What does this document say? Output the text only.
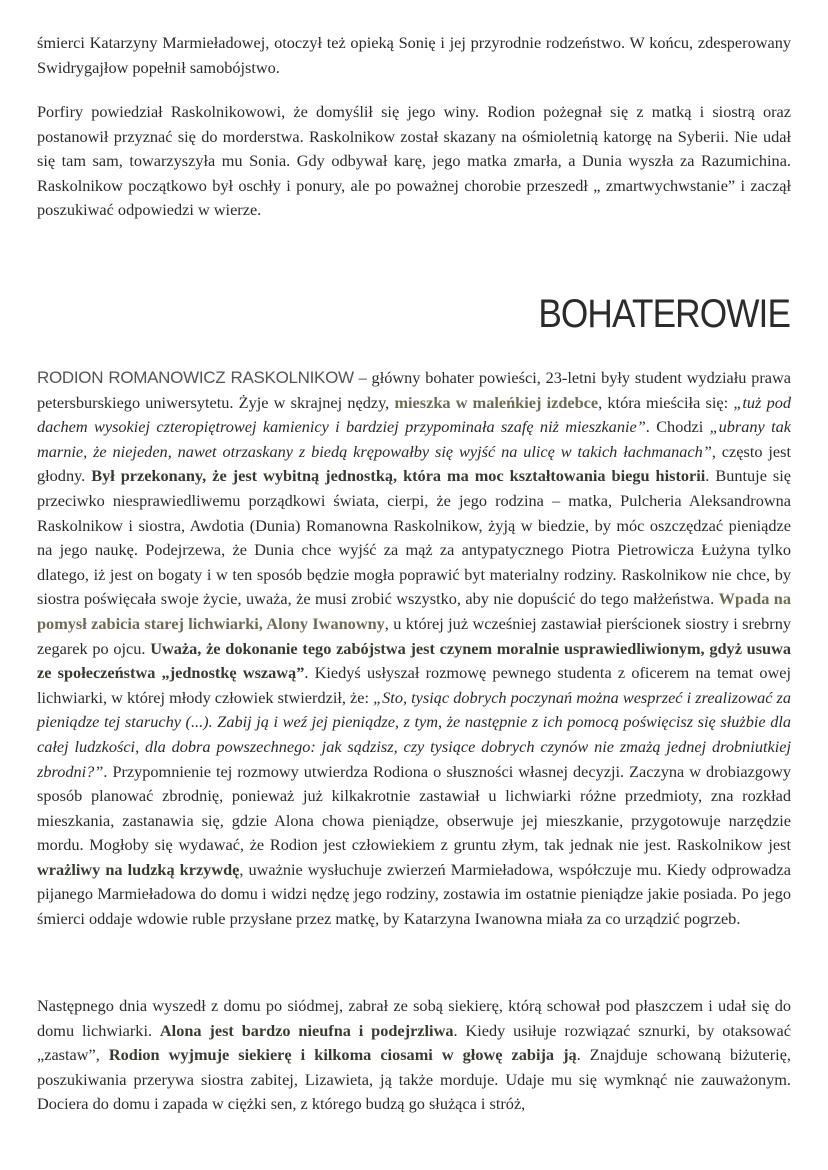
śmierci Katarzyny Marmieładowej, otoczył też opieką Sonię i jej przyrodnie rodzeństwo. W końcu, zdesperowany Swidrygajłow popełnił samobójstwo.

Porfiry powiedział Raskolnikowowi, że domyślił się jego winy. Rodion pożegnał się z matką i siostrą oraz postanowił przyznać się do morderstwa. Raskolnikow został skazany na ośmioletnią katorgę na Syberii. Nie udał się tam sam, towarzyszyła mu Sonia. Gdy odbywał karę, jego matka zmarła, a Dunia wyszła za Razumichina. Raskolnikow początkowo był oschły i ponury, ale po poważnej chorobie przeszedł „ zmartwychwstanie” i zaczął poszukiwać odpowiedzi w wierze.

BOHATEROWIE

RODION ROMANOWICZ RASKOLNIKOW – główny bohater powieści, 23-letni były student wydziału prawa petersburskiego uniwersytetu. Żyje w skrajnej nędzy, mieszka w maleńkiej izdebce, która mieściła się: „tuż pod dachem wysokiej czteropiętrowej kamienicy i bardziej przypominała szafę niż mieszkanie”. Chodzi „ubrany tak marnie, że niejeden, nawet otrzaskany z biedą krępowałby się wyjść na ulicę w takich łachmanach”, często jest głodny. Był przekonany, że jest wybitną jednostką, która ma moc kształtowania biegu historii. Buntuje się przeciwko niesprawiedliwemu porządkowi świata, cierpi, że jego rodzina – matka, Pulcheria Aleksandrowna Raskolnikow i siostra, Awdotia (Dunia) Romanowna Raskolnikow, żyją w biedzie, by móc oszczędzać pieniądze na jego naukę. Podejrzewa, że Dunia chce wyjść za mąż za antypatycznego Piotra Pietrowicza Łużyna tylko dlatego, iż jest on bogaty i w ten sposób będzie mogła poprawić byt materialny rodziny. Raskolnikow nie chce, by siostra poświęcała swoje życie, uważa, że musi zrobić wszystko, aby nie dopuścić do tego małżeństwa. Wpada na pomysł zabicia starej lichwiarki, Alony Iwanowny, u której już wcześniej zastawiał pierścionek siostry i srebrny zegarek po ojcu. Uważa, że dokonanie tego zabójstwa jest czynem moralnie usprawiedliwionym, gdyż usuwa ze społeczeństwa „jednostkę wszawą”. Kiedyś usłyszał rozmowę pewnego studenta z oficerem na temat owej lichwiarki, w której młody człowiek stwierdził, że: „Sto, tysiąc dobrych poczynań można wesprzeć i zrealizować za pieniądze tej staruchy (...). Zabij ją i weź jej pieniądze, z tym, że następnie z ich pomocą poświęcisz się służbie dla całej ludzkości, dla dobra powszechnego: jak sądzisz, czy tysiące dobrych czynów nie zmażą jednej drobniutkiej zbrodni?”. Przypomnienie tej rozmowy utwierdza Rodiona o słuszności własnej decyzji. Zaczyna w drobiazgowy sposób planować zbrodnię, ponieważ już kilkakrotnie zastawiał u lichwiarki różne przedmioty, zna rozkład mieszkania, zastanawia się, gdzie Alona chowa pieniądze, obserwuje jej mieszkanie, przygotowuje narzędzie mordu. Mogłoby się wydawać, że Rodion jest człowiekiem z gruntu złym, tak jednak nie jest. Raskolnikow jest wrażliwy na ludzką krzywdę, uważnie wysłuchuje zwierzeń Marmieładowa, współczuje mu. Kiedy odprowadza pijanego Marmieładowa do domu i widzi nędzę jego rodziny, zostawia im ostatnie pieniądze jakie posiada. Po jego śmierci oddaje wdowie ruble przysłane przez matkę, by Katarzyna Iwanowna miała za co urządzić pogrzeb.

Następnego dnia wyszedł z domu po siódmej, zabrał ze sobą siekierę, którą schował pod płaszczem i udał się do domu lichwiarki. Alona jest bardzo nieufna i podejrzliwa. Kiedy usiłuje rozwiązać sznurki, by otaksować „zastaw”, Rodion wyjmuje siekierę i kilkoma ciosami w głowę zabija ją. Znajduje schowaną biżuterię, poszukiwania przerywa siostra zabitej, Lizawieta, ją także morduje. Udaje mu się wymknąć nie zauważonym. Dociera do domu i zapada w ciężki sen, z którego budzą go służąca i stróż,
